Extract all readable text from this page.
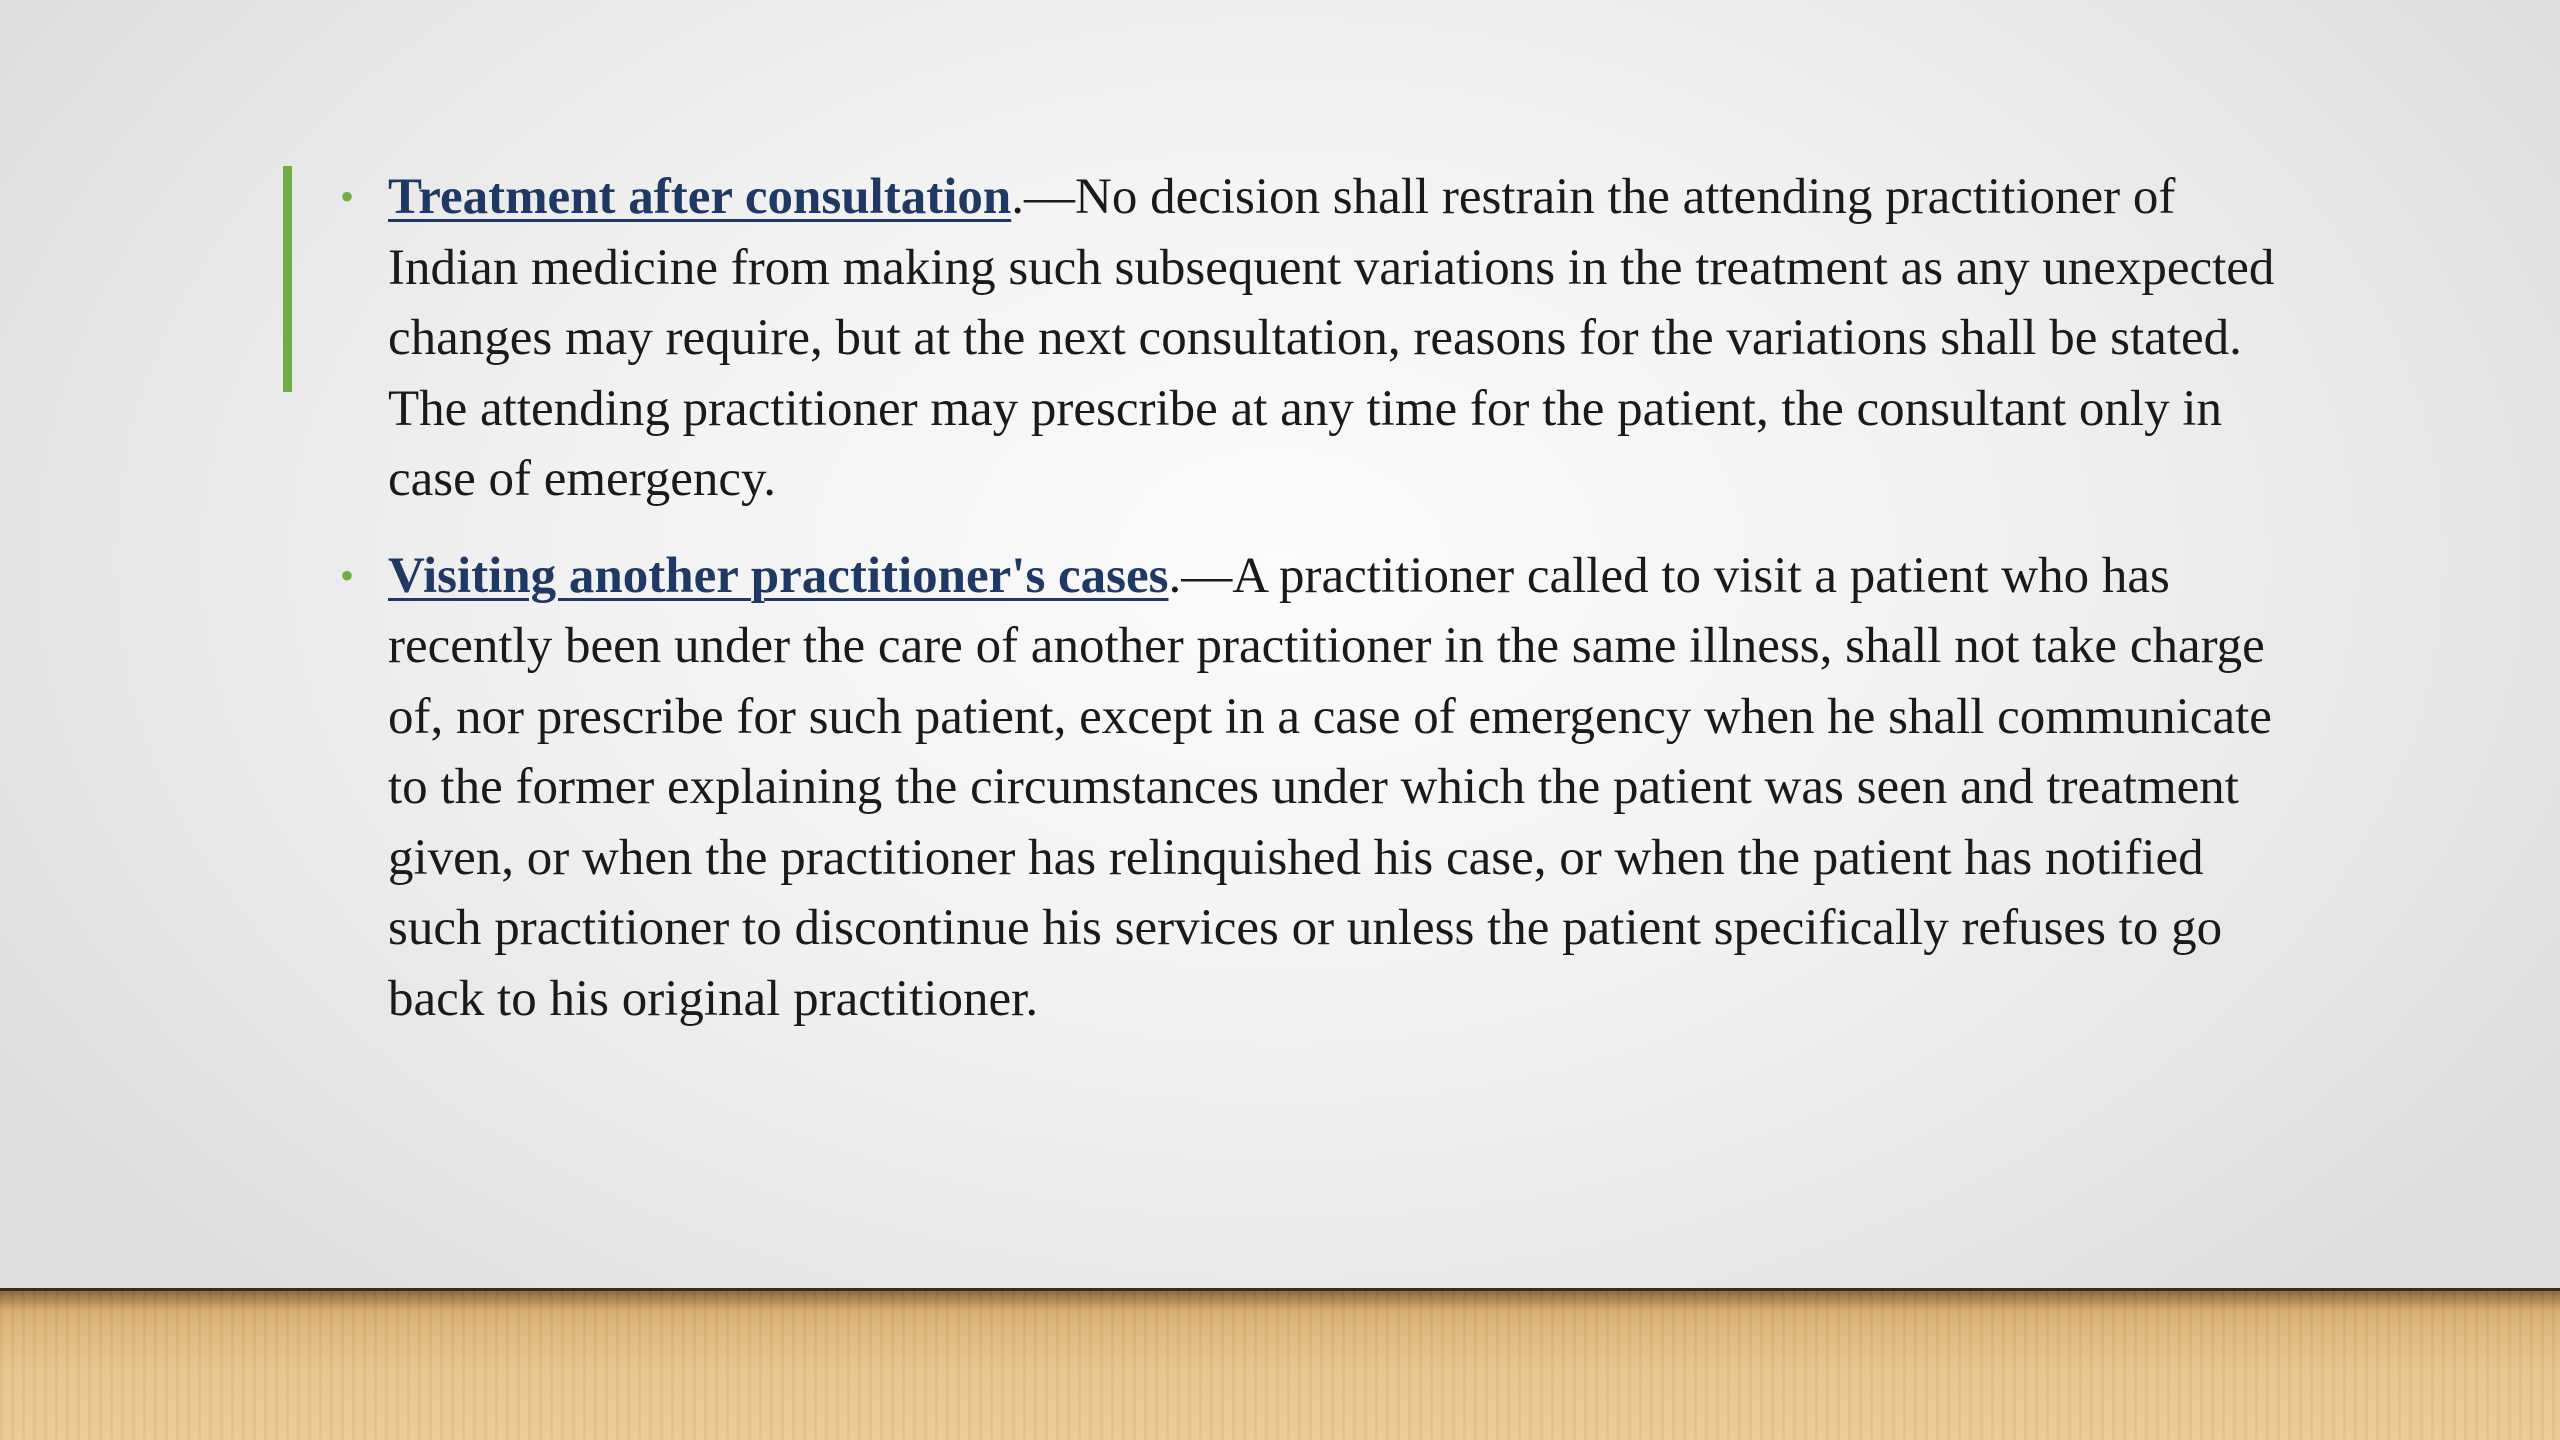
• Treatment after consultation.—No decision shall restrain the attending practitioner of Indian medicine from making such subsequent variations in the treatment as any unexpected changes may require, but at the next consultation, reasons for the variations shall be stated. The attending practitioner may prescribe at any time for the patient, the consultant only in case of emergency.
• Visiting another practitioner's cases.—A practitioner called to visit a patient who has recently been under the care of another practitioner in the same illness, shall not take charge of, nor prescribe for such patient, except in a case of emergency when he shall communicate to the former explaining the circumstances under which the patient was seen and treatment given, or when the practitioner has relinquished his case, or when the patient has notified such practitioner to discontinue his services or unless the patient specifically refuses to go back to his original practitioner.
